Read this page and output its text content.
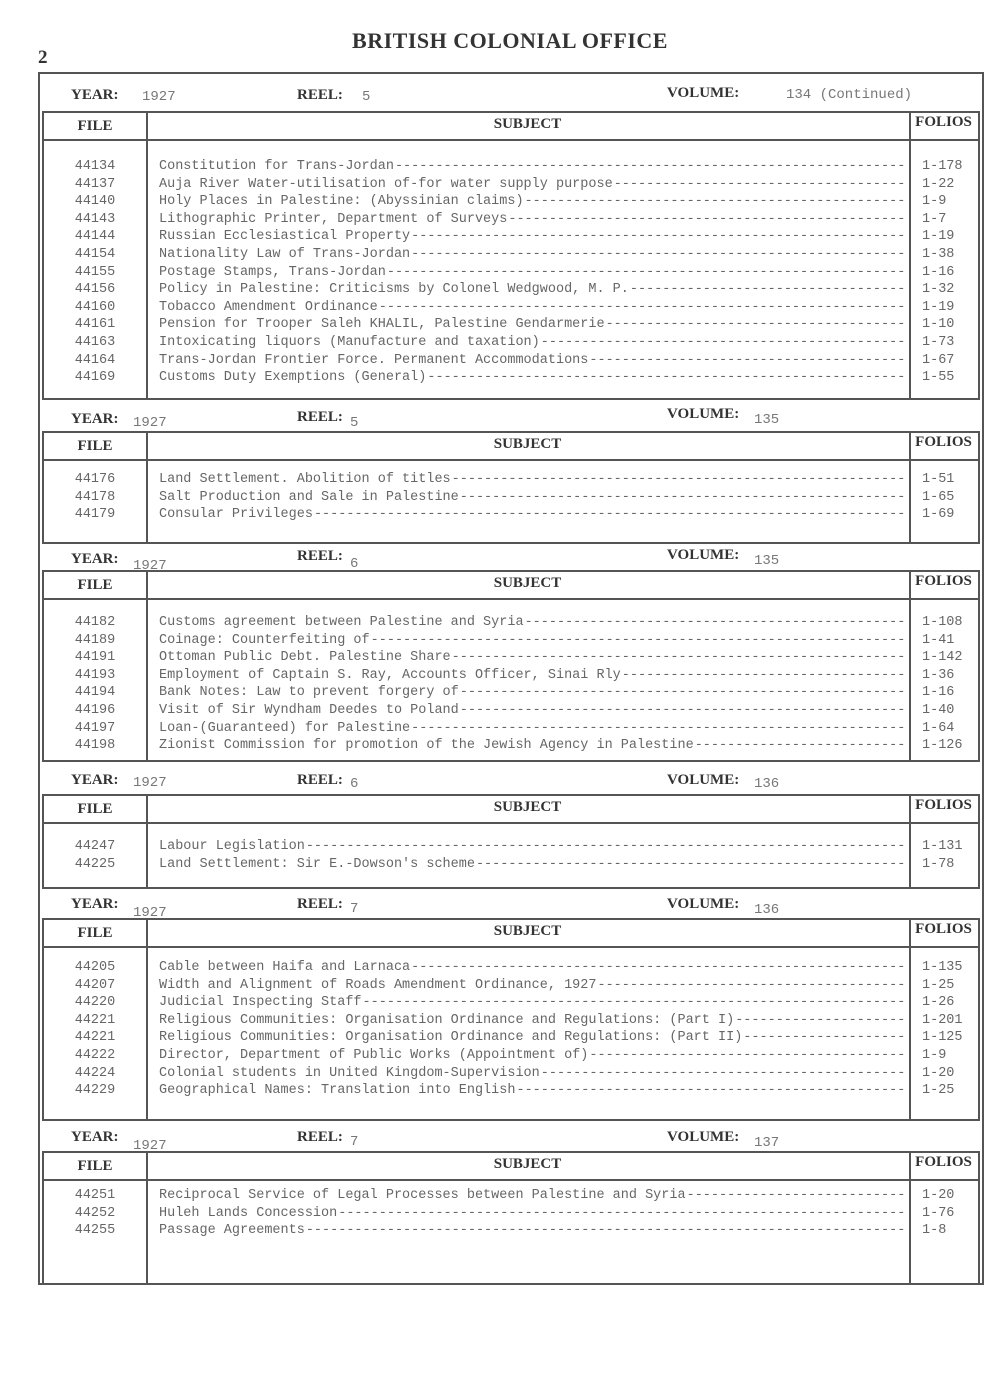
2
BRITISH COLONIAL OFFICE
YEAR: 1927	REEL: 5	VOLUME:	134 (Continued)
FILE	SUBJECT	FOLIOS
44134	Constitution for Trans-Jordan -----	1-178
44137	Auja River Water-utilisation of-for water supply purpose -----	1-22
44140	Holy Places in Palestine: (Abyssinian claims) -----	1-9
44143	Lithographic Printer, Department of Surveys -----	1-7
44144	Russian Ecclesiastical Property -----	1-19
44154	Nationality Law of Trans-Jordan -----	1-38
44155	Postage Stamps, Trans-Jordan -----	1-16
44156	Policy in Palestine: Criticisms by Colonel Wedgwood, M. P. -----	1-32
44160	Tobacco Amendment Ordinance -----	1-19
44161	Pension for Trooper Saleh KHALIL, Palestine Gendarmerie -----	1-10
44163	Intoxicating liquors (Manufacture and taxation) -----	1-73
44164	Trans-Jordan Frontier Force. Permanent Accommodations -----	1-67
44169	Customs Duty Exemptions (General) -----	1-55
YEAR: 1927	REEL: 5
VOLUME: 135
FILE	SUBJECT	FOLIOS
44176	Land Settlement. Abolition of titles -----	1-51
44178	Salt Production and Sale in Palestine -----	1-65
44179	Consular Privileges -----	1-69
YEAR: 1927
REEL: 6
VOLUME: 135
FILE	SUBJECT	FOLIOS
44182	Customs agreement between Palestine and Syria -----	1-108
44189	Coinage: Counterfeiting of -----	1-41
44191	Ottoman Public Debt. Palestine Share -----	1-142
44193	Employment of Captain S. Ray, Accounts Officer, Sinai Rly -----	1-36
44194	Bank Notes: Law to prevent forgery of -----	1-16
44196	Visit of Sir Wyndham Deedes to Poland -----	1-40
44197	Loan-(Guaranteed) for Palestine -----	1-64
44198	Zionist Commission for promotion of the Jewish Agency in Palestine -----	1-126
YEAR: 1927	REEL: 6	VOLUME: 136
FILE	SUBJECT	FOLIOS
44247	Labour Legislation -----	1-131
44225	Land Settlement: Sir E.-Dowson's scheme -----	1-78
YEAR:
1927
REEL: 7	VOLUME: 136
FILE	SUBJECT	FOLIOS
44205	Cable between Haifa and Larnaca -----	1-135
44207	Width and Alignment of Roads Amendment Ordinance, 1927 -----	1-25
44220	Judicial Inspecting Staff -----	1-26
44221	Religious Communities: Organisation Ordinance and Regulations: (Part I) -----	1-201
44221	Religious Communities: Organisation Ordinance and Regulations: (Part II) -----	1-125
44222	Director, Department of Public Works (Appointment of) -----	1-9
44224	Colonial students in United Kingdom-Supervision -----	1-20
44229	Geographical Names: Translation into English -----	1-25
YEAR:
1927
REEL: 7	VOLUME: 137
FILE	SUBJECT	FOLIOS
44251	Reciprocal Service of Legal Processes between Palestine and Syria -----	1-20
44252	Huleh Lands Concession -----	1-76
44255	Passage Agreements -----	1-8
